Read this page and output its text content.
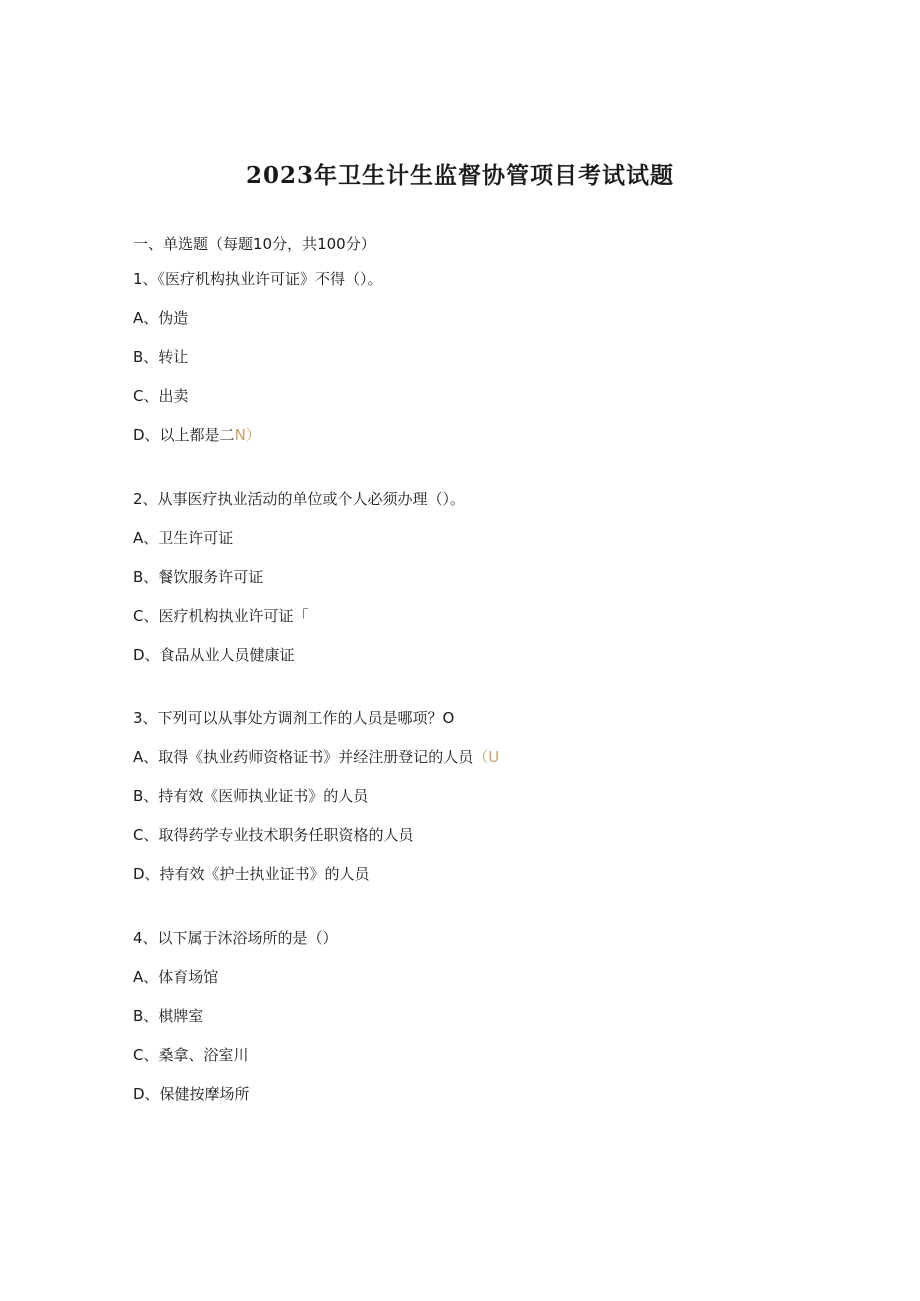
2023年卫生计生监督协管项目考试试题
一、单选题（每题10分，共100分）
1、《医疗机构执业许可证》不得（）。
A、伪造
B、转让
C、出卖
D、以上都是二N）
2、从事医疗执业活动的单位或个人必须办理（）。
A、卫生许可证
B、餐饮服务许可证
C、医疗机构执业许可证「
D、食品从业人员健康证
3、下列可以从事处方调剂工作的人员是哪项？O
A、取得《执业药师资格证书》并经注册登记的人员（U
B、持有效《医师执业证书》的人员
C、取得药学专业技术职务任职资格的人员
D、持有效《护士执业证书》的人员
4、以下属于沐浴场所的是（）
A、体育场馆
B、棋牌室
C、桑拿、浴室川
D、保健按摩场所
